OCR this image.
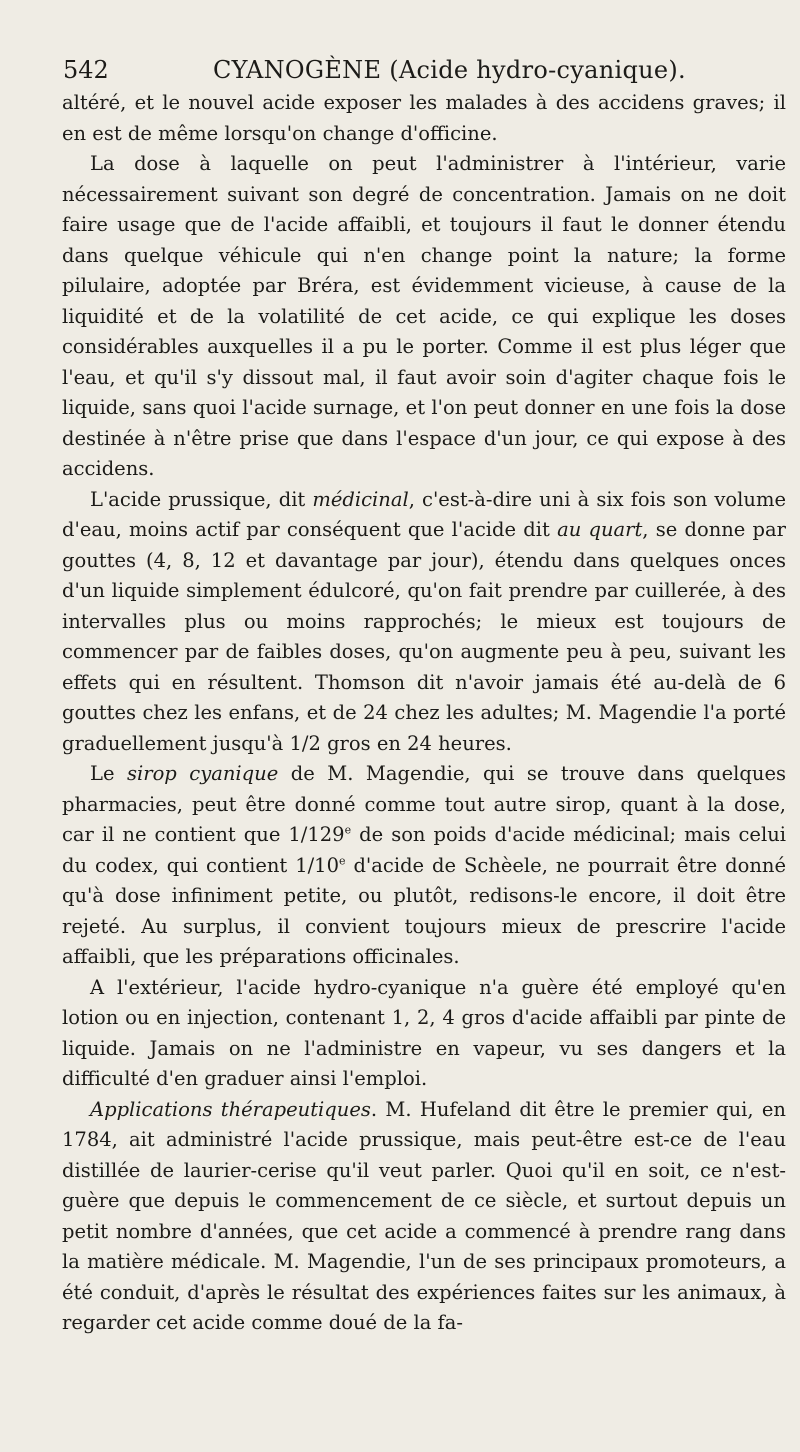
542	CYANOGÈNE (Acide hydro-cyanique).

altéré, et le nouvel acide exposer les malades à des accidens graves; il en est de même lorsqu'on change d'officine.

La dose à laquelle on peut l'administrer à l'intérieur, varie nécessairement suivant son degré de concentration. Jamais on ne doit faire usage que de l'acide affaibli, et toujours il faut le donner étendu dans quelque véhicule qui n'en change point la nature; la forme pilulaire, adoptée par Bréra, est évidemment vicieuse, à cause de la liquidité et de la volatilité de cet acide, ce qui explique les doses considérables auxquelles il a pu le porter. Comme il est plus léger que l'eau, et qu'il s'y dissout mal, il faut avoir soin d'agiter chaque fois le liquide, sans quoi l'acide surnage, et l'on peut donner en une fois la dose destinée à n'être prise que dans l'espace d'un jour, ce qui expose à des accidens.

L'acide prussique, dit médicinal, c'est-à-dire uni à six fois son volume d'eau, moins actif par conséquent que l'acide dit au quart, se donne par gouttes (4, 8, 12 et davantage par jour), étendu dans quelques onces d'un liquide simplement édulcoré, qu'on fait prendre par cuillerée, à des intervalles plus ou moins rapprochés; le mieux est toujours de commencer par de faibles doses, qu'on augmente peu à peu, suivant les effets qui en résultent. Thomson dit n'avoir jamais été au-delà de 6 gouttes chez les enfans, et de 24 chez les adultes; M. Magendie l'a porté graduellement jusqu'à 1/2 gros en 24 heures.

Le sirop cyanique de M. Magendie, qui se trouve dans quelques pharmacies, peut être donné comme tout autre sirop, quant à la dose, car il ne contient que 1/129e de son poids d'acide médicinal; mais celui du codex, qui contient 1/10e d'acide de Schèele, ne pourrait être donné qu'à dose infiniment petite, ou plutôt, redisons-le encore, il doit être rejeté. Au surplus, il convient toujours mieux de prescrire l'acide affaibli, que les préparations officinales.

A l'extérieur, l'acide hydro-cyanique n'a guère été employé qu'en lotion ou en injection, contenant 1, 2, 4 gros d'acide affaibli par pinte de liquide. Jamais on ne l'administre en vapeur, vu ses dangers et la difficulté d'en graduer ainsi l'emploi.

Applications thérapeutiques. M. Hufeland dit être le premier qui, en 1784, ait administré l'acide prussique, mais peut-être est-ce de l'eau distillée de laurier-cerise qu'il veut parler. Quoi qu'il en soit, ce n'est-guère que depuis le commencement de ce siècle, et surtout depuis un petit nombre d'années, que cet acide a commencé à prendre rang dans la matière médicale. M. Magendie, l'un de ses principaux promoteurs, a été conduit, d'après le résultat des expériences faites sur les animaux, à regarder cet acide comme doué de la fa-
